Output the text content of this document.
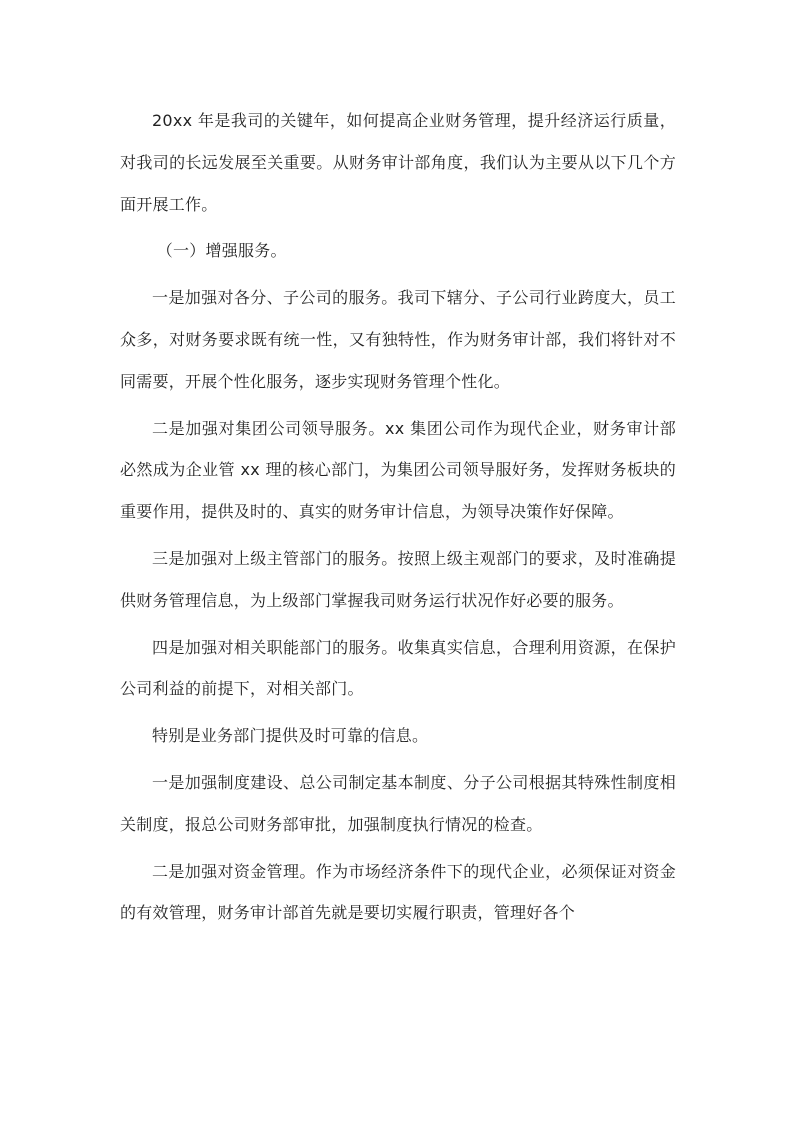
20xx 年是我司的关键年，如何提高企业财务管理，提升经济运行质量，对我司的长远发展至关重要。从财务审计部角度，我们认为主要从以下几个方面开展工作。

（一）增强服务。

一是加强对各分、子公司的服务。我司下辖分、子公司行业跨度大，员工众多，对财务要求既有统一性，又有独特性，作为财务审计部，我们将针对不同需要，开展个性化服务，逐步实现财务管理个性化。

二是加强对集团公司领导服务。xx 集团公司作为现代企业，财务审计部必然成为企业管 xx 理的核心部门，为集团公司领导服好务，发挥财务板块的重要作用，提供及时的、真实的财务审计信息，为领导决策作好保障。

三是加强对上级主管部门的服务。按照上级主观部门的要求，及时准确提供财务管理信息，为上级部门掌握我司财务运行状况作好必要的服务。

四是加强对相关职能部门的服务。收集真实信息，合理利用资源，在保护公司利益的前提下，对相关部门。

特别是业务部门提供及时可靠的信息。

一是加强制度建设、总公司制定基本制度、分子公司根据其特殊性制度相关制度，报总公司财务部审批，加强制度执行情况的检查。

二是加强对资金管理。作为市场经济条件下的现代企业，必须保证对资金的有效管理，财务审计部首先就是要切实履行职责，管理好各个
